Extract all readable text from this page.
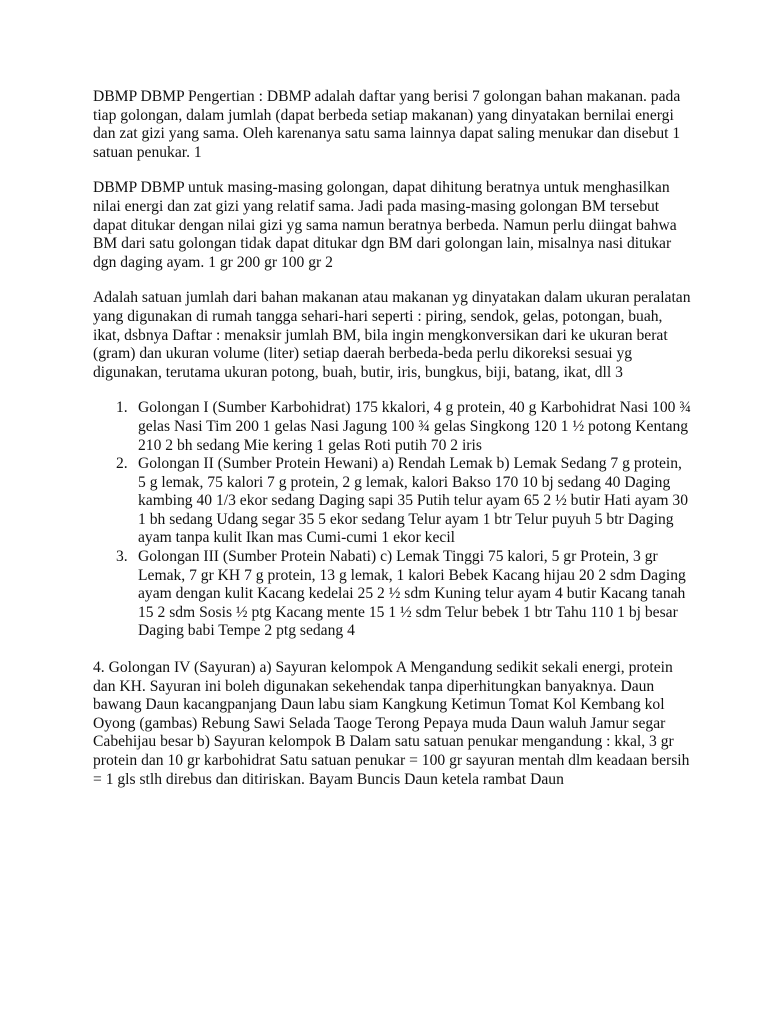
DBMP DBMP Pengertian : DBMP adalah daftar yang berisi 7 golongan bahan makanan. pada tiap golongan, dalam jumlah (dapat berbeda setiap makanan) yang dinyatakan bernilai energi dan zat gizi yang sama. Oleh karenanya satu sama lainnya dapat saling menukar dan disebut 1 satuan penukar. 1

DBMP DBMP untuk masing-masing golongan, dapat dihitung beratnya untuk menghasilkan nilai energi dan zat gizi yang relatif sama. Jadi pada masing-masing golongan BM tersebut dapat ditukar dengan nilai gizi yg sama namun beratnya berbeda. Namun perlu diingat bahwa BM dari satu golongan tidak dapat ditukar dgn BM dari golongan lain, misalnya nasi ditukar dgn daging ayam. 1 gr 200 gr 100 gr 2

Adalah satuan jumlah dari bahan makanan atau makanan yg dinyatakan dalam ukuran peralatan yang digunakan di rumah tangga sehari-hari seperti : piring, sendok, gelas, potongan, buah, ikat, dsbnya Daftar : menaksir jumlah BM, bila ingin mengkonversikan dari ke ukuran berat (gram) dan ukuran volume (liter) setiap daerah berbeda-beda perlu dikoreksi sesuai yg digunakan, terutama ukuran potong, buah, butir, iris, bungkus, biji, batang, ikat, dll 3

1. Golongan I (Sumber Karbohidrat) 175 kkalori, 4 g protein, 40 g Karbohidrat Nasi 100 ¾ gelas Nasi Tim 200 1 gelas Nasi Jagung 100 ¾ gelas Singkong 120 1 ½ potong Kentang 210 2 bh sedang Mie kering 1 gelas Roti putih 70 2 iris
2. Golongan II (Sumber Protein Hewani) a) Rendah Lemak b) Lemak Sedang 7 g protein, 5 g lemak, 75 kalori 7 g protein, 2 g lemak, kalori Bakso 170 10 bj sedang 40 Daging kambing 40 1/3 ekor sedang Daging sapi 35 Putih telur ayam 65 2 ½ butir Hati ayam 30 1 bh sedang Udang segar 35 5 ekor sedang Telur ayam 1 btr Telur puyuh 5 btr Daging ayam tanpa kulit Ikan mas Cumi-cumi 1 ekor kecil
3. Golongan III (Sumber Protein Nabati) c) Lemak Tinggi 75 kalori, 5 gr Protein, 3 gr Lemak, 7 gr KH 7 g protein, 13 g lemak, 1 kalori Bebek Kacang hijau 20 2 sdm Daging ayam dengan kulit Kacang kedelai 25 2 ½ sdm Kuning telur ayam 4 butir Kacang tanah 15 2 sdm Sosis ½ ptg Kacang mente 15 1 ½ sdm Telur bebek 1 btr Tahu 110 1 bj besar Daging babi Tempe 2 ptg sedang 4

4. Golongan IV (Sayuran) a) Sayuran kelompok A Mengandung sedikit sekali energi, protein dan KH. Sayuran ini boleh digunakan sekehendak tanpa diperhitungkan banyaknya. Daun bawang Daun kacangpanjang Daun labu siam Kangkung Ketimun Tomat Kol Kembang kol Oyong (gambas) Rebung Sawi Selada Taoge Terong Pepaya muda Daun waluh Jamur segar Cabehijau besar b) Sayuran kelompok B Dalam satu satuan penukar mengandung : kkal, 3 gr protein dan 10 gr karbohidrat Satu satuan penukar = 100 gr sayuran mentah dlm keadaan bersih = 1 gls stlh direbus dan ditiriskan. Bayam Buncis Daun ketela rambat Daun
